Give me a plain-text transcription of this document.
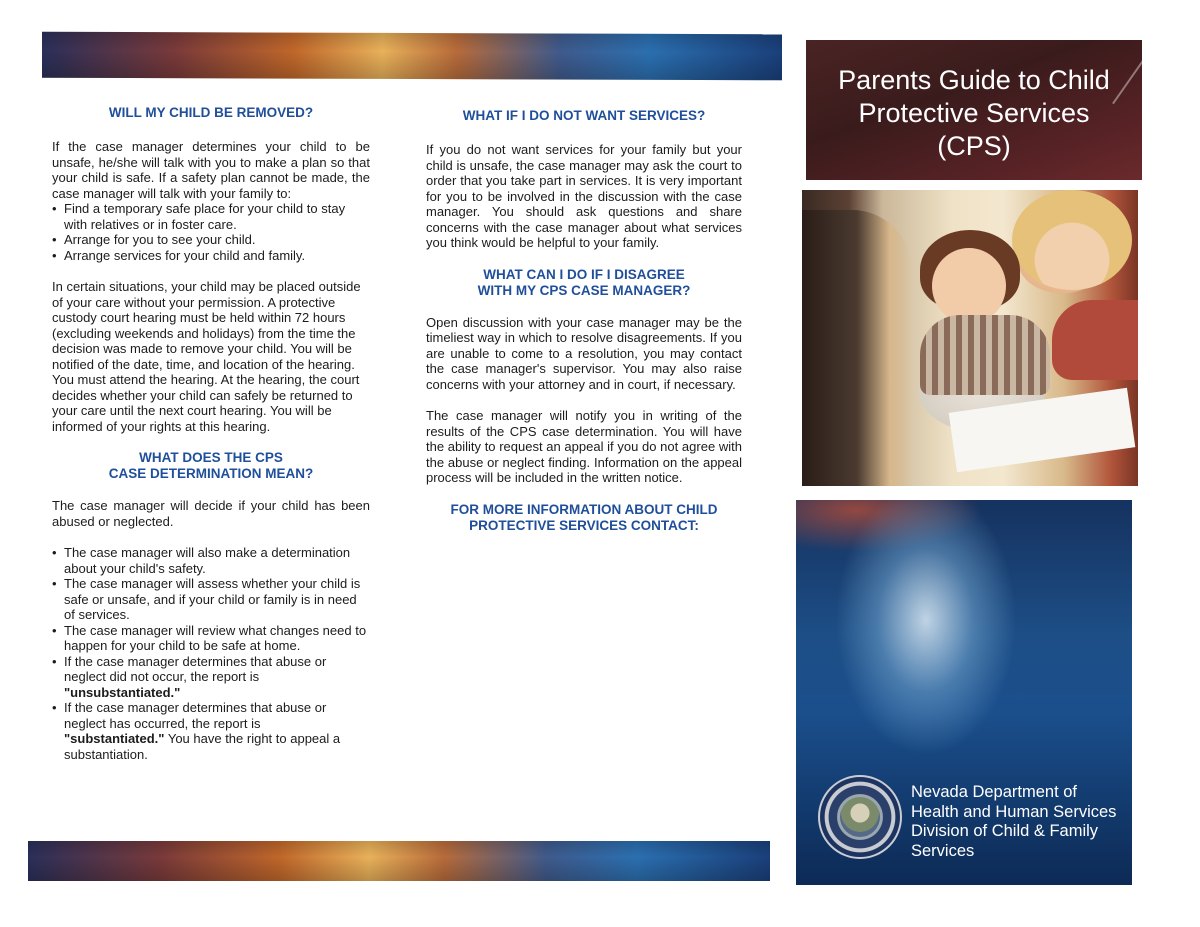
WILL MY CHILD BE REMOVED?

If the case manager determines your child to be unsafe, he/she will talk with you to make a plan so that your child is safe. If a safety plan cannot be made, the case manager will talk with your family to:

• Find a temporary safe place for your child to stay with relatives or in foster care.
• Arrange for you to see your child.
• Arrange services for your child and family.

In certain situations, your child may be placed outside of your care without your permission. A protective custody court hearing must be held within 72 hours (excluding weekends and holidays) from the time the decision was made to remove your child. You will be notified of the date, time, and location of the hearing. You must attend the hearing. At the hearing, the court decides whether your child can safely be returned to your care until the next court hearing. You will be informed of your rights at this hearing.

WHAT DOES THE CPS
CASE DETERMINATION MEAN?

The case manager will decide if your child has been abused or neglected.

• The case manager will also make a determination about your child's safety.
• The case manager will assess whether your child is safe or unsafe, and if your child or family is in need of services.
• The case manager will review what changes need to happen for your child to be safe at home.
• If the case manager determines that abuse or neglect did not occur, the report is
"unsubstantiated."
• If the case manager determines that abuse or neglect has occurred, the report is
"substantiated." You have the right to appeal a substantiation.

WHAT IF I DO NOT WANT SERVICES?

If you do not want services for your family but your child is unsafe, the case manager may ask the court to order that you take part in services. It is very important for you to be involved in the discussion with the case manager. You should ask questions and share concerns with the case manager about what services you think would be helpful to your family.

WHAT CAN I DO IF I DISAGREE
WITH MY CPS CASE MANAGER?

Open discussion with your case manager may be the timeliest way in which to resolve disagreements. If you are unable to come to a resolution, you may contact the case manager's supervisor. You may also raise concerns with your attorney and in court, if necessary.

The case manager will notify you in writing of the results of the CPS case determination. You will have the ability to request an appeal if you do not agree with the abuse or neglect finding. Information on the appeal process will be included in the written notice.

FOR MORE INFORMATION ABOUT CHILD
PROTECTIVE SERVICES CONTACT:

Parents Guide to Child
Protective Services
(CPS)

Nevada Department of

Health and Human Services

Division of Child & Family

Services
